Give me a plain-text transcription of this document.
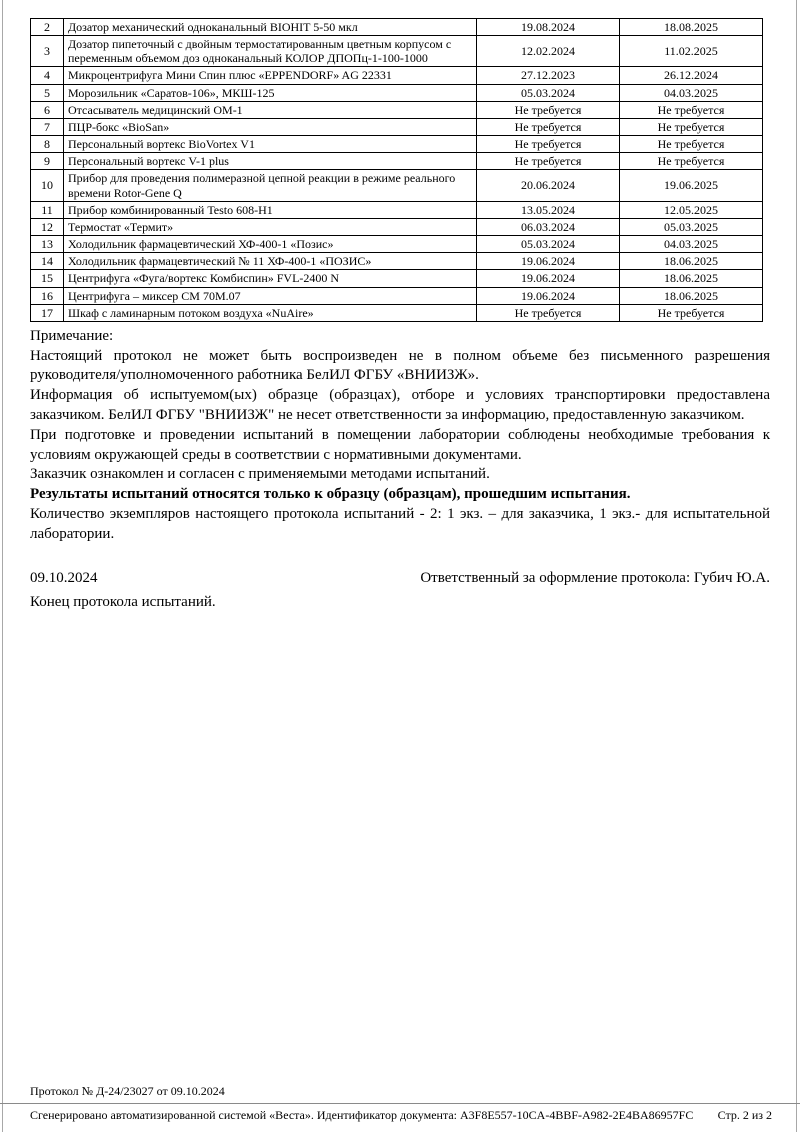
2	Дозатор механический одноканальный BIOHIT 5-50 мкл	19.08.2024	18.08.2025
3	Дозатор пипеточный с двойным термостатированным цветным корпусом с переменным объемом доз одноканальный КОЛОР ДПОПц-1-100-1000	12.02.2024	11.02.2025
4	Микроцентрифуга Мини Спин плюс «EPPENDORF» AG 22331	27.12.2023	26.12.2024
5	Морозильник «Саратов-106», МКШ-125	05.03.2024	04.03.2025
6	Отсасыватель медицинский ОМ-1	Не требуется	Не требуется
7	ПЦР-бокс «BioSan»	Не требуется	Не требуется
8	Персональный вортекс BioVortex V1	Не требуется	Не требуется
9	Персональный вортекс V-1 plus	Не требуется	Не требуется
10	Прибор для проведения полимеразной цепной реакции в режиме реального времени Rotor-Gene Q	20.06.2024	19.06.2025
11	Прибор комбинированный Testo 608-H1	13.05.2024	12.05.2025
12	Термостат «Термит»	06.03.2024	05.03.2025
13	Холодильник фармацевтический ХФ-400-1 «Позис»	05.03.2024	04.03.2025
14	Холодильник фармацевтический № 11 ХФ-400-1 «ПОЗИС»	19.06.2024	18.06.2025
15	Центрифуга «Фуга/вортекс Комбиспин» FVL-2400 N	19.06.2024	18.06.2025
16	Центрифуга – миксер СМ 70М.07	19.06.2024	18.06.2025
17	Шкаф с ламинарным потоком воздуха «NuAire»	Не требуется	Не требуется
Примечание:

Настоящий протокол не может быть воспроизведен не в полном объеме без письменного разрешения руководителя/уполномоченного работника БелИЛ ФГБУ «ВНИИЗЖ».

Информация об испытуемом(ых) образце (образцах), отборе и условиях транспортировки предоставлена заказчиком. БелИЛ ФГБУ "ВНИИЗЖ" не несет ответственности за информацию, предоставленную заказчиком.

При подготовке и проведении испытаний в помещении лаборатории соблюдены необходимые требования к условиям окружающей среды в соответствии с нормативными документами.

Заказчик ознакомлен и согласен с применяемыми методами испытаний.

Результаты испытаний относятся только к образцу (образцам), прошедшим испытания.

Количество экземпляров настоящего протокола испытаний - 2: 1 экз. – для заказчика, 1 экз.- для испытательной лаборатории.

09.10.2024	Ответственный за оформление протокола: Губич Ю.А.
Конец протокола испытаний.
Протокол № Д-24/23027 от 09.10.2024
Сгенерировано автоматизированной системой «Веста». Идентификатор документа: A3F8E557-10CA-4BBF-A982-2E4BA86957FC Стр. 2 из 2
